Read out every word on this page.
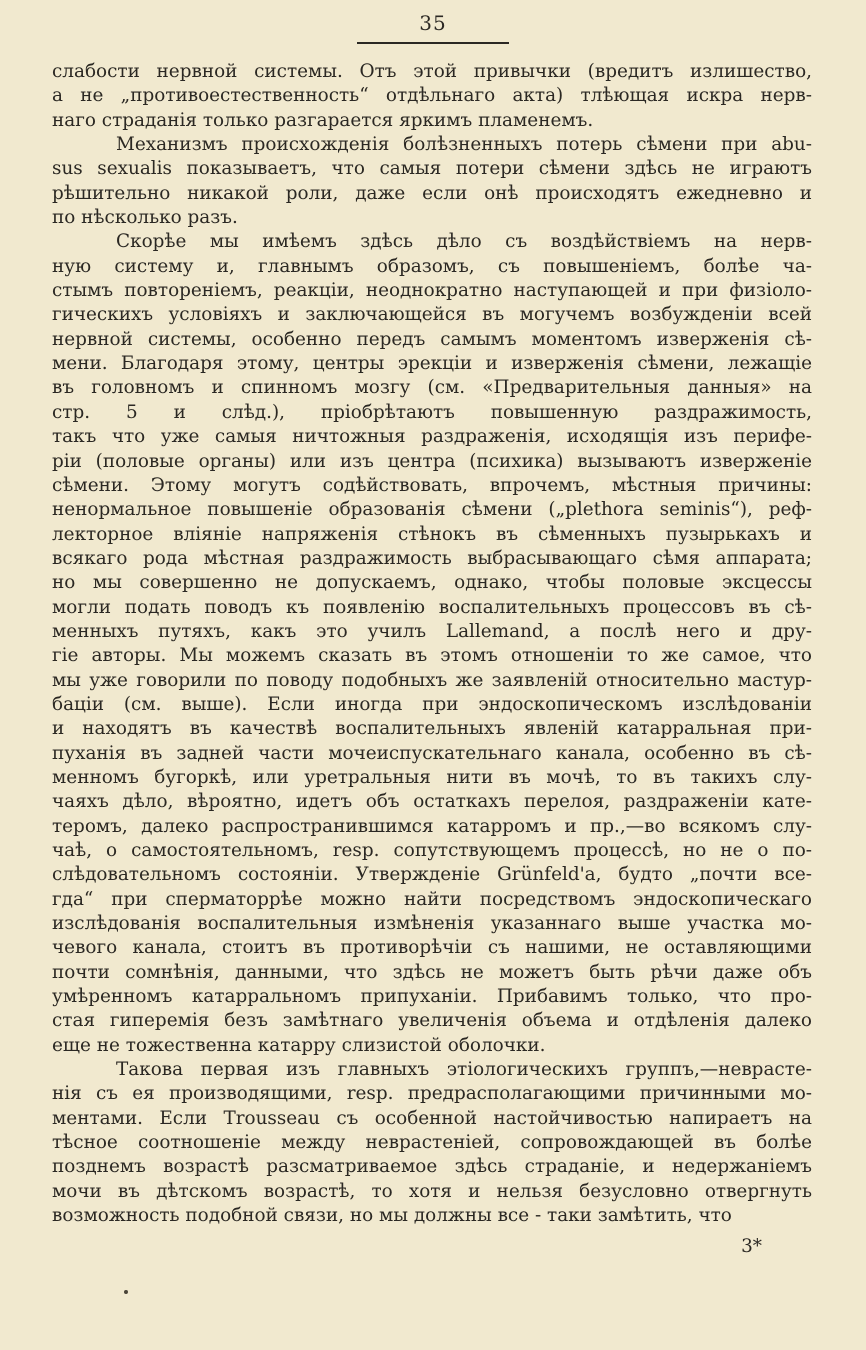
35

слабости нервной системы. Отъ этой привычки (вредитъ излишество,
а не „противоестественность“ отдѣльнаго акта) тлѣющая искра нерв-
наго страданія только разгарается яркимъ пламенемъ.

Механизмъ происхожденія болѣзненныхъ потерь сѣмени при abu-
sus sexualis показываетъ, что самыя потери сѣмени здѣсь не играютъ
рѣшительно никакой роли, даже если онѣ происходятъ ежедневно и
по нѣсколько разъ.

Скорѣе мы имѣемъ здѣсь дѣло съ воздѣйствіемъ на нерв-
ную систему и, главнымъ образомъ, съ повышеніемъ, болѣе ча-
стымъ повтореніемъ, реакціи, неоднократно наступающей и при физіоло-
гическихъ условіяхъ и заключающейся въ могучемъ возбужденіи всей
нервной системы, особенно передъ самымъ моментомъ изверженія сѣ-
мени. Благодаря этому, центры эрекціи и изверженія сѣмени, лежащіе
въ головномъ и спинномъ мозгу (см. «Предварительныя данныя» на
стр. 5 и слѣд.), пріобрѣтаютъ повышенную раздражимость,
такъ что уже самыя ничтожныя раздраженія, исходящія изъ перифе-
ріи (половые органы) или изъ центра (психика) вызываютъ изверженіе
сѣмени. Этому могутъ содѣйствовать, впрочемъ, мѣстныя причины:
ненормальное повышеніе образованія сѣмени („plethora seminis“), реф-
лекторное вліяніе напряженія стѣнокъ въ сѣменныхъ пузырькахъ и
всякаго рода мѣстная раздражимость выбрасывающаго сѣмя аппарата;
но мы совершенно не допускаемъ, однако, чтобы половые эксцессы
могли подать поводъ къ появленію воспалительныхъ процессовъ въ сѣ-
менныхъ путяхъ, какъ это училъ Lallemand, а послѣ него и дру-
гіе авторы. Мы можемъ сказать въ этомъ отношеніи то же самое, что
мы уже говорили по поводу подобныхъ же заявленій относительно мастур-
баціи (см. выше). Если иногда при эндоскопическомъ изслѣдованіи
и находятъ въ качествѣ воспалительныхъ явленій катарральная при-
пуханія въ задней части мочеиспускательнаго канала, особенно въ сѣ-
менномъ бугоркѣ, или уретральныя нити въ мочѣ, то въ такихъ слу-
чаяхъ дѣло, вѣроятно, идетъ объ остаткахъ перелоя, раздраженіи кате-
теромъ, далеко распространившимся катарромъ и пр.,—во всякомъ слу-
чаѣ, о самостоятельномъ, resp. сопутствующемъ процессѣ, но не о по-
слѣдовательномъ состояніи. Утвержденіе Grünfeld'а, будто „почти все-
гда“ при сперматоррѣе можно найти посредствомъ эндоскопическаго
изслѣдованія воспалительныя измѣненія указаннаго выше участка мо-
чевого канала, стоитъ въ противорѣчіи съ нашими, не оставляющими
почти сомнѣнія, данными, что здѣсь не можетъ быть рѣчи даже объ
умѣренномъ катарральномъ припуханіи. Прибавимъ только, что про-
стая гиперемія безъ замѣтнаго увеличенія объема и отдѣленія далеко
еще не тожественна катарру слизистой оболочки.

Такова первая изъ главныхъ этіологическихъ группъ,—неврасте-
нія съ ея производящими, resp. предрасполагающими причинными мо-
ментами. Если Trousseau съ особенной настойчивостью напираетъ на
тѣсное соотношеніе между неврастеніей, сопровождающей въ болѣе
позднемъ возрастѣ разсматриваемое здѣсь страданіе, и недержаніемъ
мочи въ дѣтскомъ возрастѣ, то хотя и нельзя безусловно отвергнуть
возможность подобной связи, но мы должны все - таки замѣтить, что

3*
